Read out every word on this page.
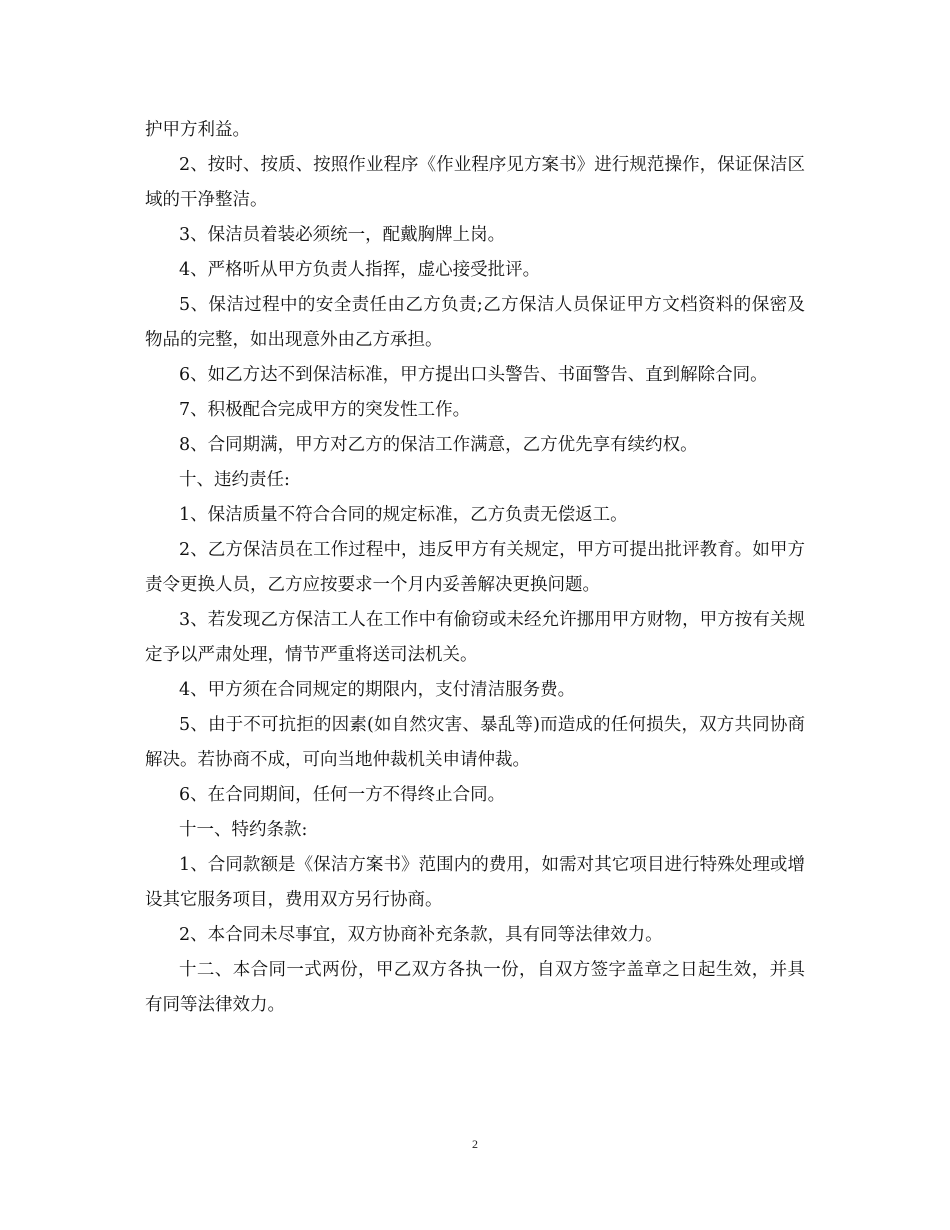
护甲方利益。

2、按时、按质、按照作业程序《作业程序见方案书》进行规范操作，保证保洁区域的干净整洁。

3、保洁员着装必须统一，配戴胸牌上岗。

4、严格听从甲方负责人指挥，虚心接受批评。

5、保洁过程中的安全责任由乙方负责;乙方保洁人员保证甲方文档资料的保密及物品的完整，如出现意外由乙方承担。

6、如乙方达不到保洁标准，甲方提出口头警告、书面警告、直到解除合同。

7、积极配合完成甲方的突发性工作。

8、合同期满，甲方对乙方的保洁工作满意，乙方优先享有续约权。

十、违约责任:

1、保洁质量不符合合同的规定标准，乙方负责无偿返工。

2、乙方保洁员在工作过程中，违反甲方有关规定，甲方可提出批评教育。如甲方责令更换人员，乙方应按要求一个月内妥善解决更换问题。

3、若发现乙方保洁工人在工作中有偷窃或未经允许挪用甲方财物，甲方按有关规定予以严肃处理，情节严重将送司法机关。

4、甲方须在合同规定的期限内，支付清洁服务费。

5、由于不可抗拒的因素(如自然灾害、暴乱等)而造成的任何损失，双方共同协商解决。若协商不成，可向当地仲裁机关申请仲裁。

6、在合同期间，任何一方不得终止合同。

十一、特约条款:

1、合同款额是《保洁方案书》范围内的费用，如需对其它项目进行特殊处理或增设其它服务项目，费用双方另行协商。

2、本合同未尽事宜，双方协商补充条款，具有同等法律效力。

十二、本合同一式两份，甲乙双方各执一份，自双方签字盖章之日起生效，并具有同等法律效力。

2
